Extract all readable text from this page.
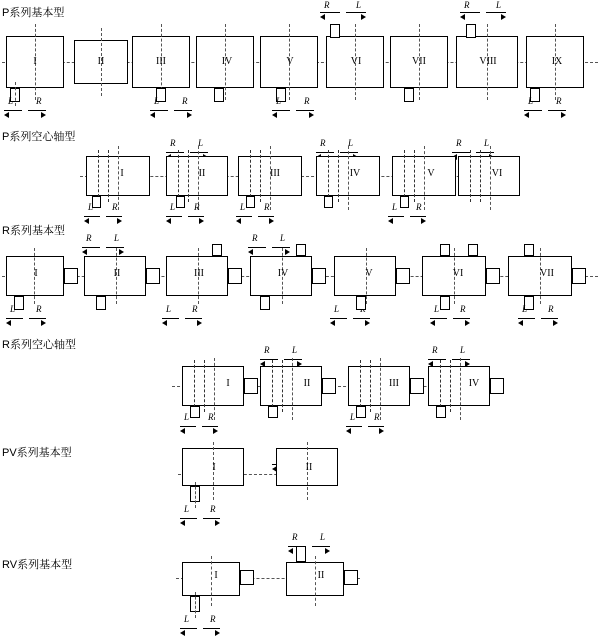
P系列基本型
R	L	R	L
I
L	R
II	III
L	R
IV	V
L	R
VI	VII	VIII	IX
L	R
P系列空心轴型	R	L	R	L	R	L
I
L R
II
L R
III
L R
IV	V
L R
VI
R系列基本型
R	L	R	L
I
L R
II
L R
III	IV
L
V	VI
L R
VII
L R
R系列空心轴型	R	L	R	L
I
L R
II	III
L R
IV
PV系列基本型
I
L R
II
RV系列基本型
R	L
I
L R
II
